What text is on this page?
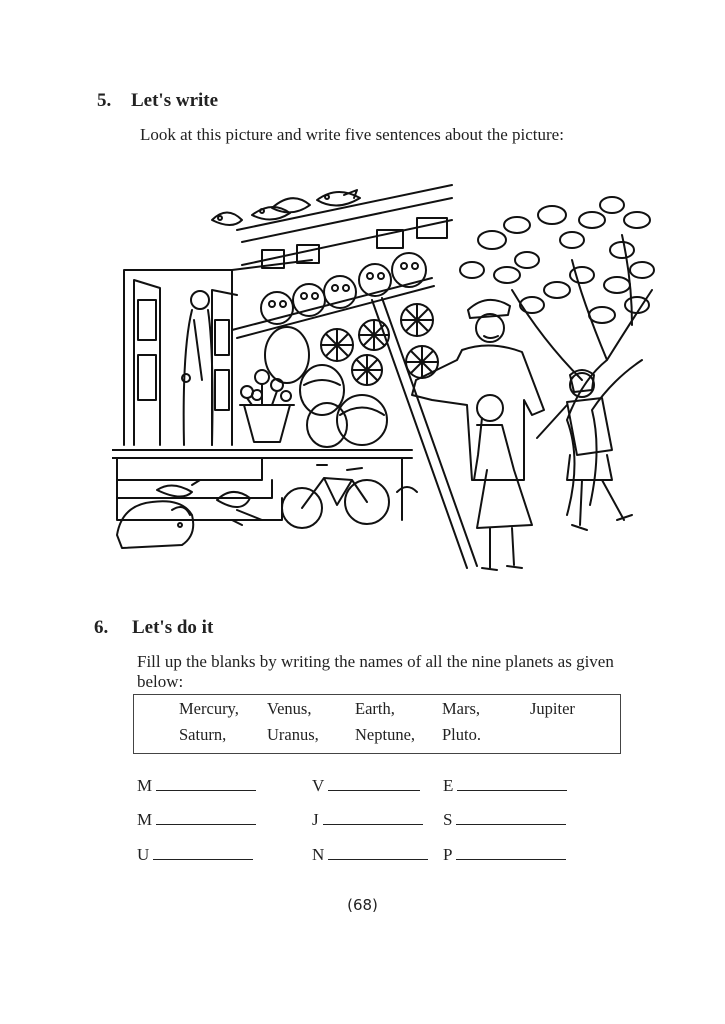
5. Let's write
Look at this picture and write five sentences about the picture:
6. Let's do it
Fill up the blanks by writing the names of all the nine planets as given
below:
Mercury, Venus,	Earth,	Mars,	Jupiter
Saturn, Uranus, Neptune, Pluto.
M	V	E
M	J	S
U	N	P
(68)
